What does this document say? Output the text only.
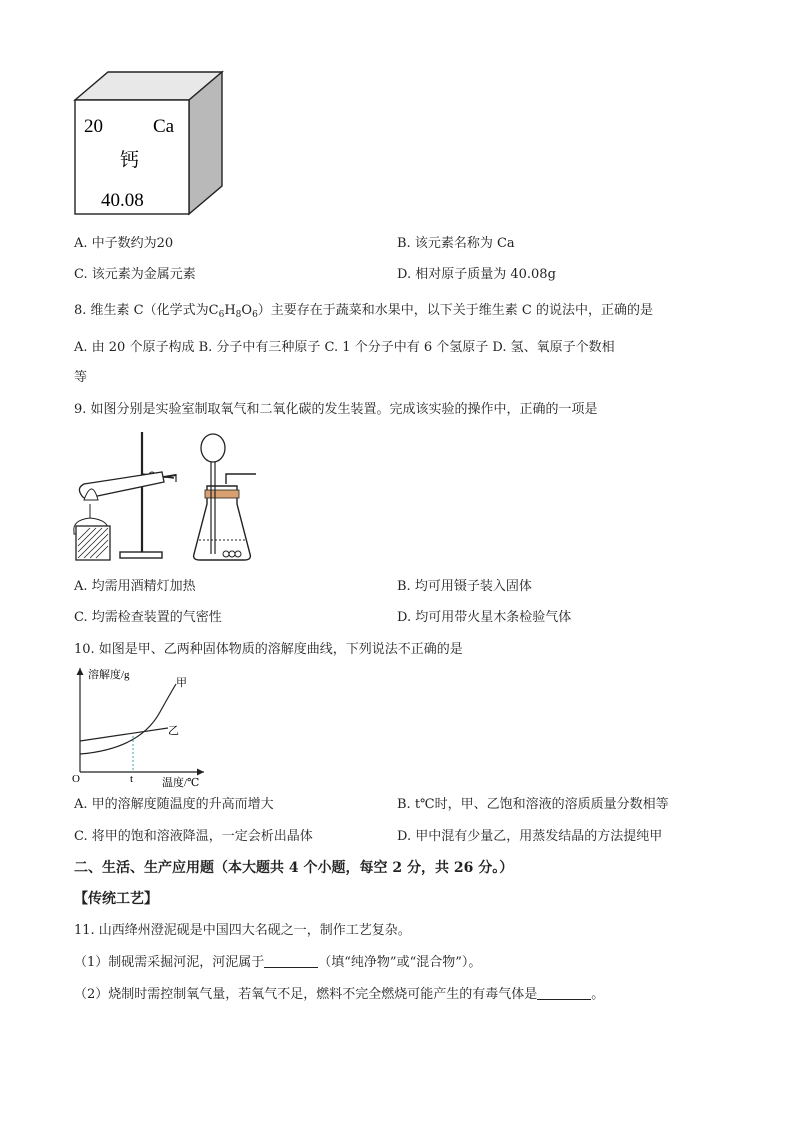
20	Ca
钙
40.08
A. 中子数约为20	B. 该元素名称为 Ca
C. 该元素为金属元素	D. 相对原子质量为 40.08g
8. 维生素 C（化学式为$C_6H_8O_6$）主要存在于蔬菜和水果中，以下关于维生素 C 的说法中，正确的是
A. 由 20 个原子构成 B. 分子中有三种原子 C. 1 个分子中有 6 个氢原子 D. 氢、氧原子个数相
等
9. 如图分别是实验室制取氧气和二氧化碳的发生装置。完成该实验的操作中，正确的一项是
A. 均需用酒精灯加热	B. 均可用镊子装入固体
C. 均需检查装置的气密性	D. 均可用带火星木条检验气体
10. 如图是甲、乙两种固体物质的溶解度曲线，下列说法不正确的是
溶解度/g
甲
乙
O	t	温度/℃
A. 甲的溶解度随温度的升高而增大	B. t℃时，甲、乙饱和溶液的溶质质量分数相等
C. 将甲的饱和溶液降温，一定会析出晶体	D. 甲中混有少量乙，用蒸发结晶的方法提纯甲
二、生活、生产应用题（本大题共 4 个小题，每空 2 分，共 26 分。）
【传统工艺】
11. 山西绛州澄泥砚是中国四大名砚之一，制作工艺复杂。
（1）制砚需采掘河泥，河泥属于	（填“纯净物”或“混合物”）。
（2）烧制时需控制氧气量，若氧气不足，燃料不完全燃烧可能产生的有毒气体是	。
